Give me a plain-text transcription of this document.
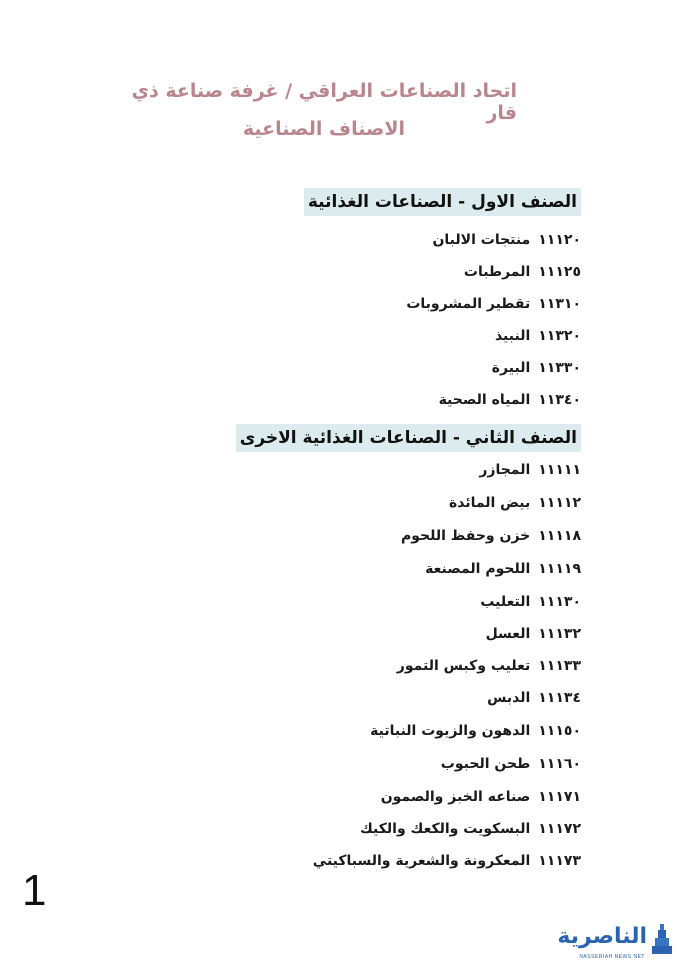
اتحاد الصناعات العراقي / غرفة صناعة ذي قار
الاصناف الصناعية
الصنف الاول - الصناعات الغذائية
١١١٢٠منتجات الالبان
١١١٢٥المرطبات
١١٣١٠تقطير المشروبات
١١٣٢٠النبيذ
١١٣٣٠البيرة
١١٣٤٠المياه الصحية
الصنف الثاني - الصناعات الغذائية الاخرى
١١١١١المجازر
١١١١٢بيض المائدة
١١١١٨خزن وحفظ اللحوم
١١١١٩اللحوم المصنعة
١١١٣٠التعليب
١١١٣٢العسل
١١١٣٣تعليب وكبس التمور
١١١٣٤الدبس
١١١٥٠الدهون والزيوت النباتية
١١١٦٠طحن الحبوب
١١١٧١صناعه الخبز والصمون
١١١٧٢البسكويت والكعك والكيك
١١١٧٣المعكرونة والشعرية والسباكيتي
1
الناصرية
NASSERIAH NEWS NET
